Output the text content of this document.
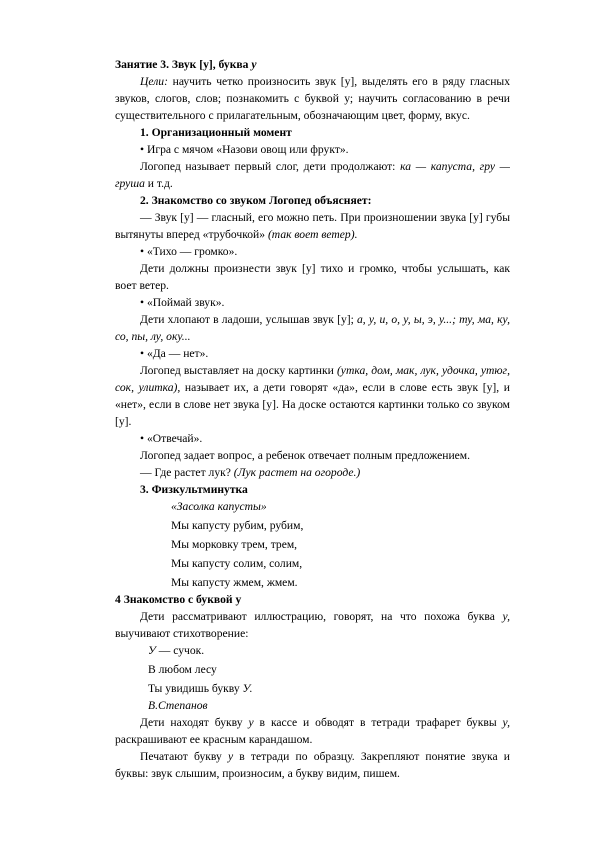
Занятие 3. Звук [у], буква у

Цели: научить четко произносить звук [у], выделять его в ряду гласных звуков, слогов, слов; познакомить с буквой у; научить согласованию в речи существительного с прилагательным, обозначающим цвет, форму, вкус.

1. Организационный момент

• Игра с мячом «Назови овощ или фрукт».

Логопед называет первый слог, дети продолжают: ка — капуста, гру — груша и т.д.

2. Знакомство со звуком Логопед объясняет:

— Звук [у] — гласный, его можно петь. При произношении звука [у] губы вытянуты вперед «трубочкой» (так воет ветер).

• «Тихо — громко».

Дети должны произнести звук [у] тихо и громко, чтобы услышать, как воет ветер.

• «Поймай звук».

Дети хлопают в ладоши, услышав звук [у]; а, у, и, о, у, ы, э, у...; ту, ма, ку, со, пы, лу, оку...

• «Да — нет».

Логопед выставляет на доску картинки (утка, дом, мак, лук, удочка, утюг, сок, улитка), называет их, а дети говорят «да», если в слове есть звук [у], и «нет», если в слове нет звука [у]. На доске остаются картинки только со звуком [у].

• «Отвечай».

Логопед задает вопрос, а ребенок отвечает полным предложением.

— Где растет лук? (Лук растет на огороде.)

3. Физкультминутка

«Засолка капусты»

Мы капусту рубим, рубим,

Мы морковку трем, трем,

Мы капусту солим, солим,

Мы капусту жмем, жмем.

4 Знакомство с буквой у

Дети рассматривают иллюстрацию, говорят, на что похожа буква у, выучивают стихотворение:

У — сучок.

В любом лесу

Ты увидишь букву У.

В.Степанов

Дети находят букву у в кассе и обводят в тетради трафарет буквы у, раскрашивают ее красным карандашом.

Печатают букву у в тетради по образцу. Закрепляют понятие звука и буквы: звук слышим, произносим, а букву видим, пишем.
